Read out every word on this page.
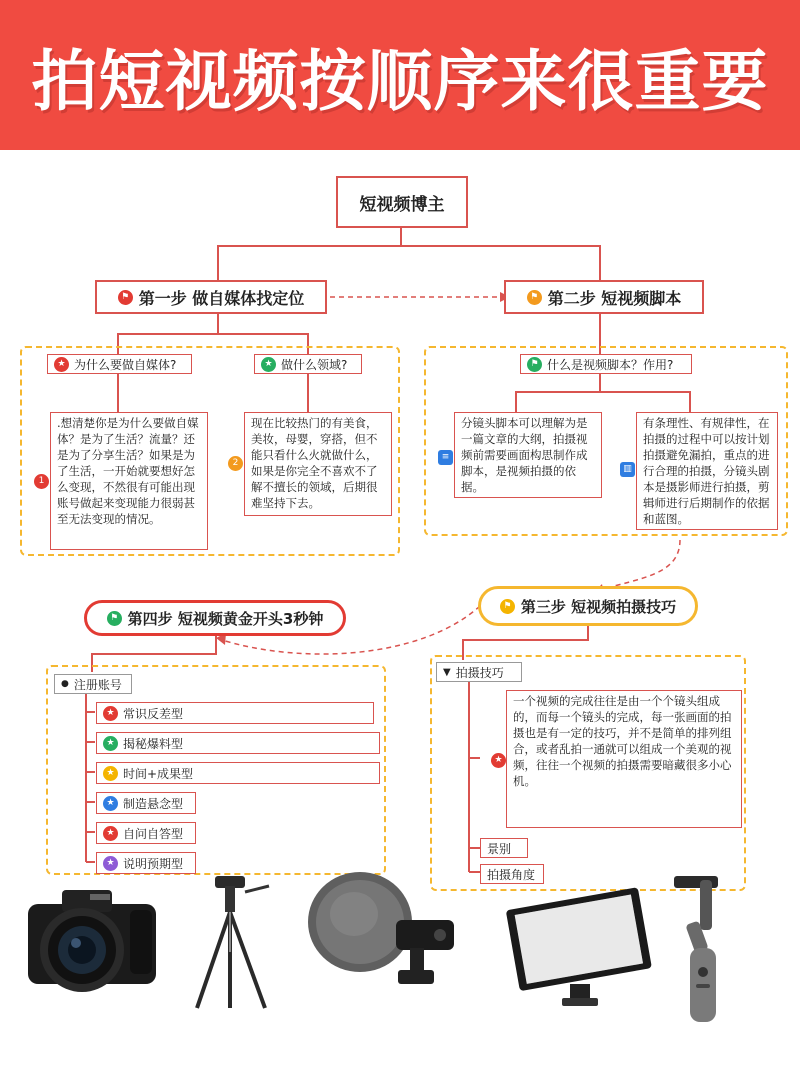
拍短视频按顺序来很重要
短视频博主
⚑ 第一步 做自媒体找定位	⚑ 第二步 短视频脚本
★ 为什么要做自媒体?	★ 做什么领域?
1
.想清楚你是为什么要做自媒体？是为了生活？流量？还是为了分享生活？如果是为了生活，一开始就要想好怎么变现，不然很有可能出现账号做起来变现能力很弱甚至无法变现的情况。
2
现在比较热门的有美食，美妆，母婴，穿搭，但不能只看什么火就做什么，如果是你完全不喜欢不了解不擅长的领域，后期很难坚持下去。
⚑ 什么是视频脚本？作用?
≡
分镜头脚本可以理解为是一篇文章的大纲，拍摄视频前需要画面构思制作成脚本，是视频拍摄的依据。
▥
有条理性、有规律性，在拍摄的过程中可以按计划拍摄避免漏拍，重点的进行合理的拍摄，分镜头剧本是摄影师进行拍摄，剪辑师进行后期制作的依据和蓝图。
⚑ 第三步 短视频拍摄技巧
▼ 拍摄技巧
★
一个视频的完成往往是由一个个镜头组成的，而每一个镜头的完成，每一张画面的拍摄也是有一定的技巧，并不是简单的排列组合，或者乱拍一通就可以组成一个美观的视频，往往一个视频的拍摄需要暗藏很多小心机。
景别
拍摄角度
⚑ 第四步 短视频黄金开头3秒钟
● 注册账号
★ 常识反差型
★ 揭秘爆料型
★ 时间+成果型
★ 制造悬念型
★ 自问自答型
★ 说明预期型
